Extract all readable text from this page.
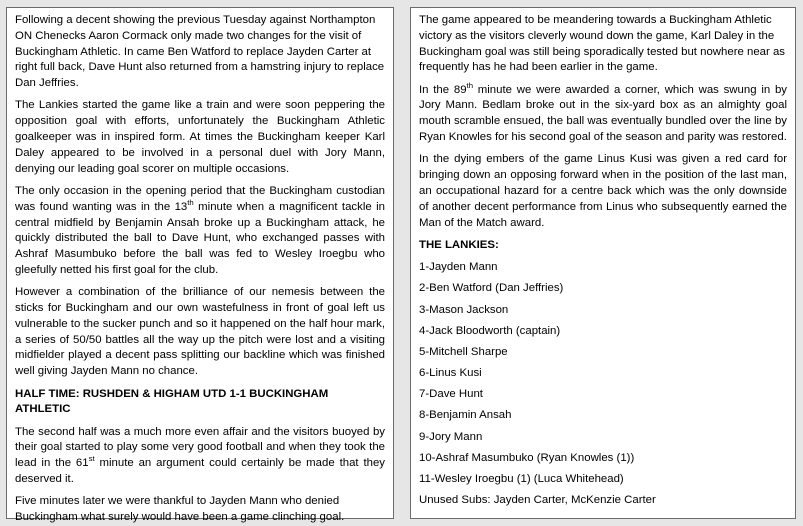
Following a decent showing the previous Tuesday against Northampton ON Chenecks Aaron Cormack only made two changes for the visit of Buckingham Athletic. In came Ben Watford to replace Jayden Carter at right full back, Dave Hunt also returned from a hamstring injury to replace Dan Jeffries.

The Lankies started the game like a train and were soon peppering the opposition goal with efforts, unfortunately the Buckingham Athletic goalkeeper was in inspired form. At times the Buckingham keeper Karl Daley appeared to be involved in a personal duel with Jory Mann, denying our leading goal scorer on multiple occasions.

The only occasion in the opening period that the Buckingham custodian was found wanting was in the 13th minute when a magnificent tackle in central midfield by Benjamin Ansah broke up a Buckingham attack, he quickly distributed the ball to Dave Hunt, who exchanged passes with Ashraf Masumbuko before the ball was fed to Wesley Iroegbu who gleefully netted his first goal for the club.

However a combination of the brilliance of our nemesis between the sticks for Buckingham and our own wastefulness in front of goal left us vulnerable to the sucker punch and so it happened on the half hour mark, a series of 50/50 battles all the way up the pitch were lost and a visiting midfielder played a decent pass splitting our backline which was finished well giving Jayden Mann no chance.

HALF TIME: RUSHDEN & HIGHAM UTD 1-1 BUCKINGHAM ATHLETIC

The second half was a much more even affair and the visitors buoyed by their goal started to play some very good football and when they took the lead in the 61st minute an argument could certainly be made that they deserved it.

Five minutes later we were thankful to Jayden Mann who denied Buckingham what surely would have been a game clinching goal.

The game appeared to be meandering towards a Buckingham Athletic victory as the visitors cleverly wound down the game, Karl Daley in the Buckingham goal was still being sporadically tested but nowhere near as frequently has he had been earlier in the game.

In the 89th minute we were awarded a corner, which was swung in by Jory Mann. Bedlam broke out in the six-yard box as an almighty goal mouth scramble ensued, the ball was eventually bundled over the line by Ryan Knowles for his second goal of the season and parity was restored.

In the dying embers of the game Linus Kusi was given a red card for bringing down an opposing forward when in the position of the last man, an occupational hazard for a centre back which was the only downside of another decent performance from Linus who subsequently earned the Man of the Match award.

THE LANKIES:

1-Jayden Mann
2-Ben Watford (Dan Jeffries)
3-Mason Jackson
4-Jack Bloodworth (captain)
5-Mitchell Sharpe
6-Linus Kusi
7-Dave Hunt
8-Benjamin Ansah
9-Jory Mann
10-Ashraf Masumbuko (Ryan Knowles (1))
11-Wesley Iroegbu (1) (Luca Whitehead)
Unused Subs: Jayden Carter, McKenzie Carter
